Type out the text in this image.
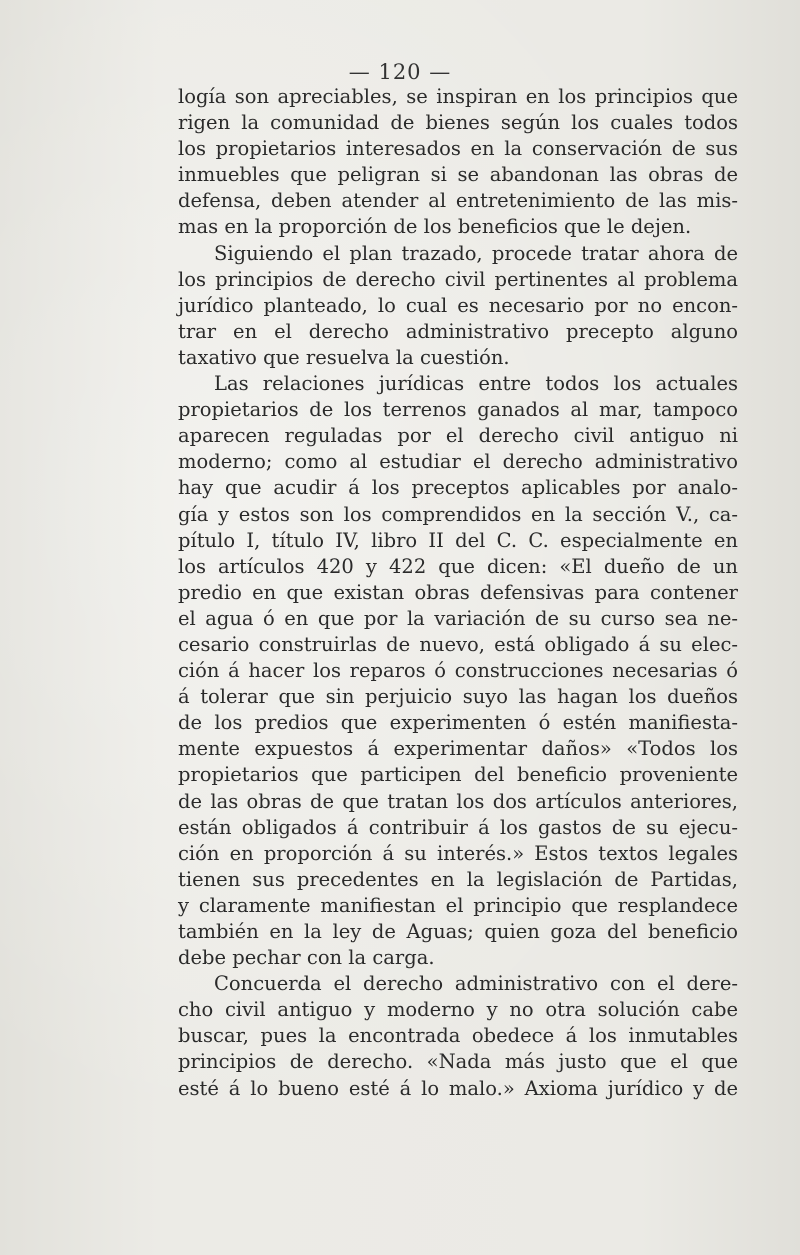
— 120 —
logía son apreciables, se inspiran en los principios que
rigen la comunidad de bienes según los cuales todos
los propietarios interesados en la conservación de sus
inmuebles que peligran si se abandonan las obras de
defensa, deben atender al entretenimiento de las mis-
mas en la proporción de los beneficios que le dejen.
Siguiendo el plan trazado, procede tratar ahora de
los principios de derecho civil pertinentes al problema
jurídico planteado, lo cual es necesario por no encon-
trar en el derecho administrativo precepto alguno
taxativo que resuelva la cuestión.
Las relaciones jurídicas entre todos los actuales
propietarios de los terrenos ganados al mar, tampoco
aparecen reguladas por el derecho civil antiguo ni
moderno; como al estudiar el derecho administrativo
hay que acudir á los preceptos aplicables por analo-
gía y estos son los comprendidos en la sección V., ca-
pítulo I, título IV, libro II del C. C. especialmente en
los artículos 420 y 422 que dicen: «El dueño de un
predio en que existan obras defensivas para contener
el agua ó en que por la variación de su curso sea ne-
cesario construirlas de nuevo, está obligado á su elec-
ción á hacer los reparos ó construcciones necesarias ó
á tolerar que sin perjuicio suyo las hagan los dueños
de los predios que experimenten ó estén manifiesta-
mente expuestos á experimentar daños» «Todos los
propietarios que participen del beneficio proveniente
de las obras de que tratan los dos artículos anteriores,
están obligados á contribuir á los gastos de su ejecu-
ción en proporción á su interés.» Estos textos legales
tienen sus precedentes en la legislación de Partidas,
y claramente manifiestan el principio que resplandece
también en la ley de Aguas; quien goza del beneficio
debe pechar con la carga.
Concuerda el derecho administrativo con el dere-
cho civil antiguo y moderno y no otra solución cabe
buscar, pues la encontrada obedece á los inmutables
principios de derecho. «Nada más justo que el que
esté á lo bueno esté á lo malo.» Axioma jurídico y de
